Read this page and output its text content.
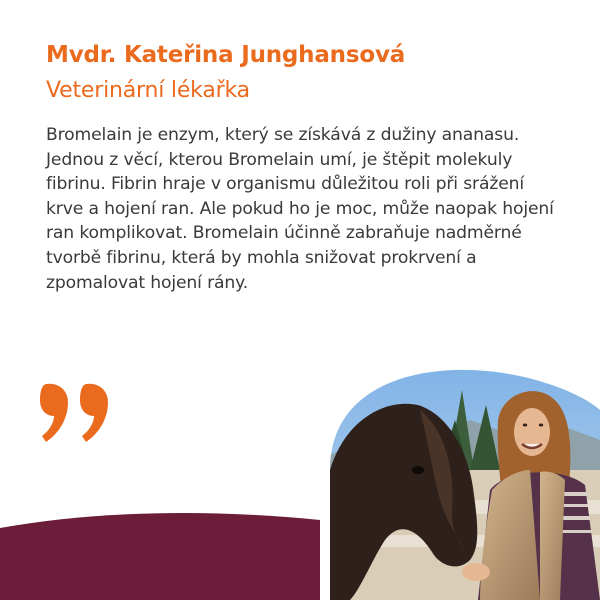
Mvdr. Kateřina Junghansová
Veterinární lékařka

Bromelain je enzym, který se získává z dužiny ananasu. Jednou z věcí, kterou Bromelain umí, je štěpit molekuly fibrinu. Fibrin hraje v organismu důležitou roli při srážení krve a hojení ran. Ale pokud ho je moc, může naopak hojení ran komplikovat. Bromelain účinně zabraňuje nadměrné tvorbě fibrinu, která by mohla snižovat prokrvení a zpomalovat hojení rány.
